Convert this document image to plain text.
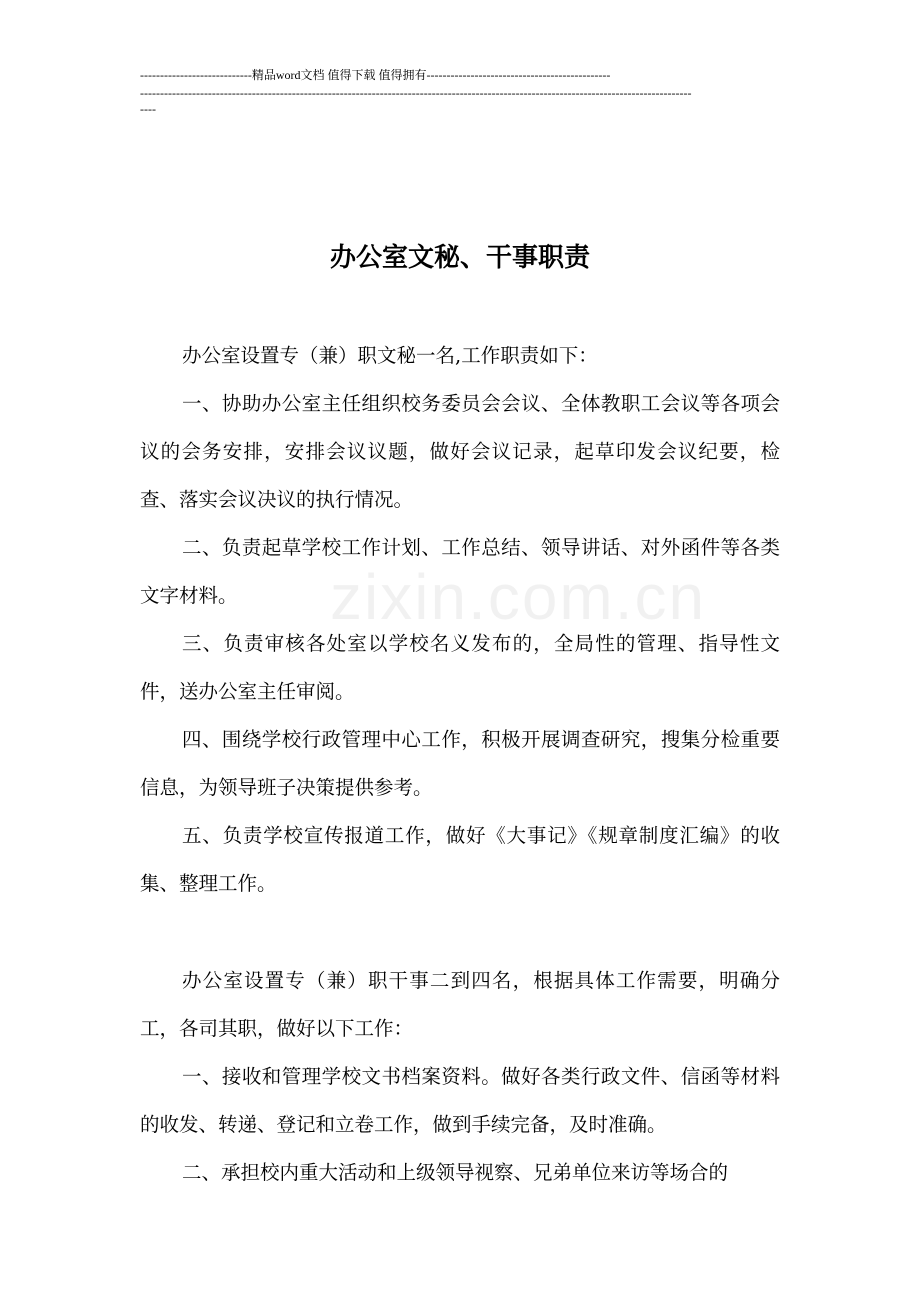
----------------------------精品word文档 值得下载 值得拥有----------------------------------------------
------------------------------------------------------------------------------------------------------------------------------------------
----
zixin.com.cn
办公室文秘、干事职责

办公室设置专（兼）职文秘一名,工作职责如下：

一、协助办公室主任组织校务委员会会议、全体教职工会议等各项会议的会务安排，安排会议议题，做好会议记录，起草印发会议纪要，检查、落实会议决议的执行情况。

二、负责起草学校工作计划、工作总结、领导讲话、对外函件等各类文字材料。

三、负责审核各处室以学校名义发布的，全局性的管理、指导性文件，送办公室主任审阅。

四、围绕学校行政管理中心工作，积极开展调查研究，搜集分检重要信息，为领导班子决策提供参考。

五、负责学校宣传报道工作，做好《大事记》《规章制度汇编》的收集、整理工作。

办公室设置专（兼）职干事二到四名，根据具体工作需要，明确分工，各司其职，做好以下工作：

一、接收和管理学校文书档案资料。做好各类行政文件、信函等材料的收发、转递、登记和立卷工作，做到手续完备，及时准确。

二、承担校内重大活动和上级领导视察、兄弟单位来访等场合的
